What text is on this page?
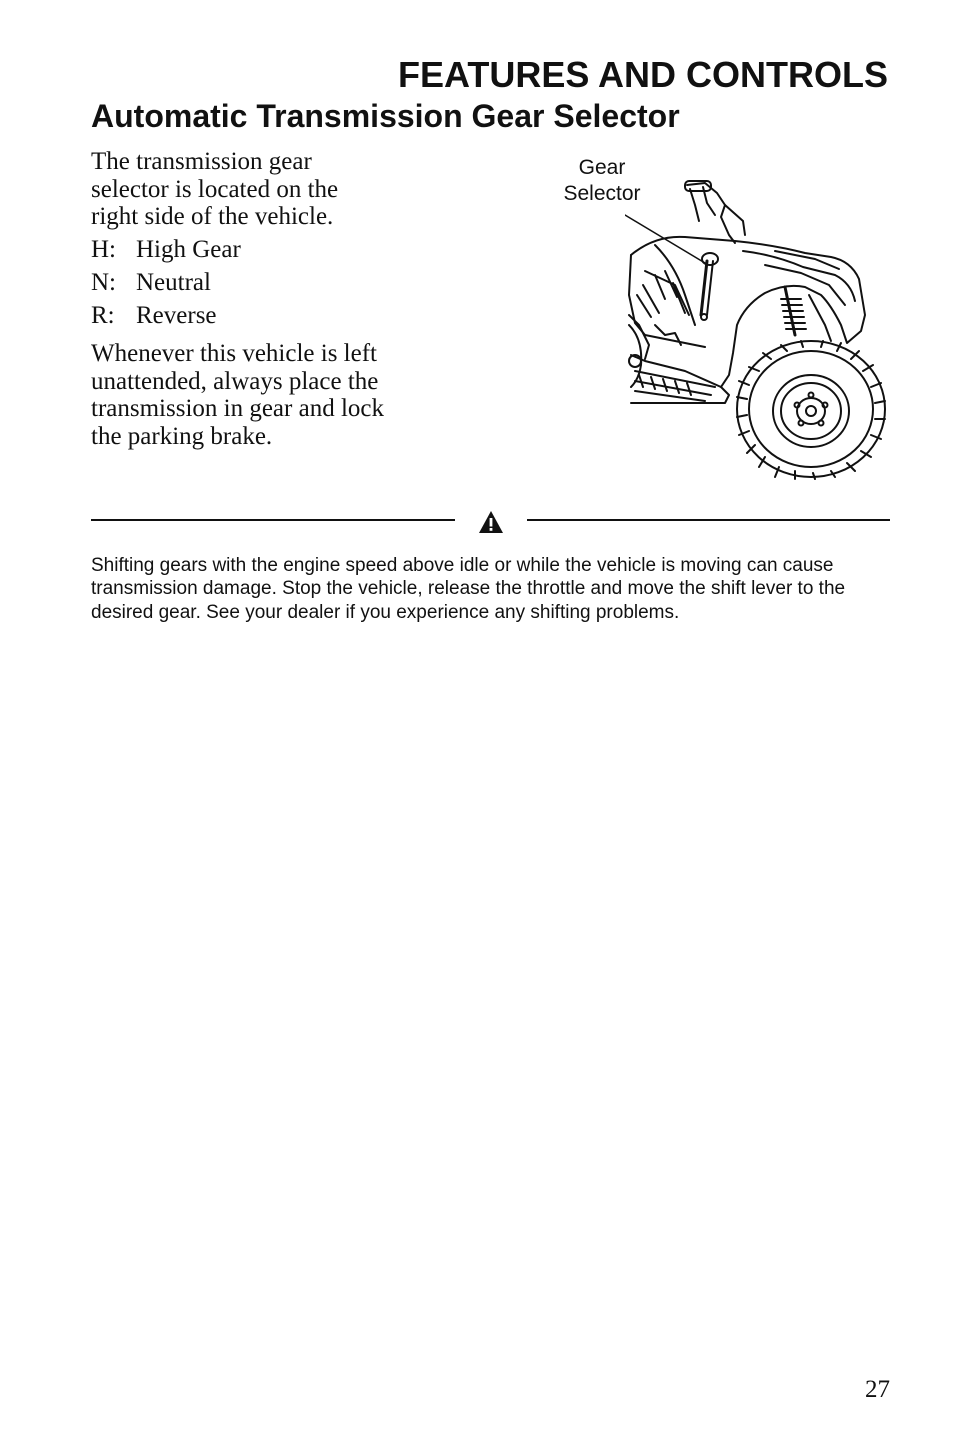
FEATURES AND CONTROLS
Automatic Transmission Gear Selector

The transmission gear selector is located on the right side of the vehicle.

H: High Gear
N: Neutral
R: Reverse

Whenever this vehicle is left unattended, always place the transmission in gear and lock the parking brake.

Gear
Selector

Shifting gears with the engine speed above idle or while the vehicle is moving can cause transmission damage. Stop the vehicle, release the throttle and move the shift lever to the desired gear. See your dealer if you experience any shifting problems.

27
